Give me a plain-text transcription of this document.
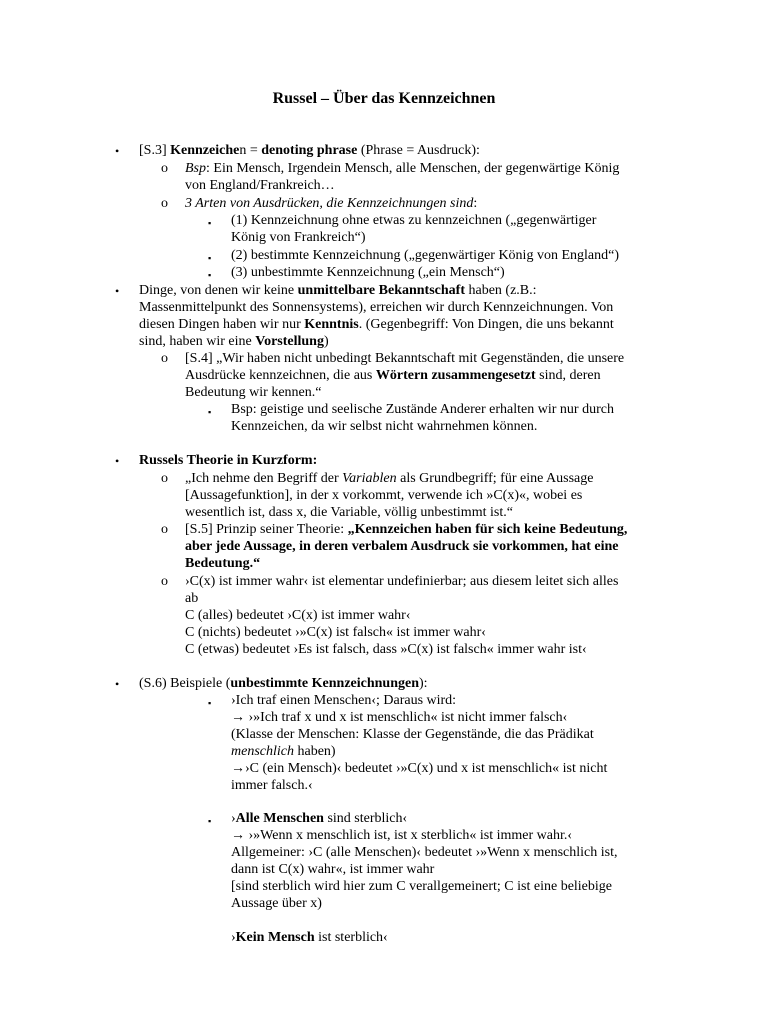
Russel – Über das Kennzeichnen
• [S.3] Kennzeichen = denoting phrase (Phrase = Ausdruck):
o Bsp: Ein Mensch, Irgendein Mensch, alle Menschen, der gegenwärtige König
von England/Frankreich…
o 3 Arten von Ausdrücken, die Kennzeichnungen sind:
▪ (1) Kennzeichnung ohne etwas zu kennzeichnen („gegenwärtiger
König von Frankreich“)
▪ (2) bestimmte Kennzeichnung („gegenwärtiger König von England“)
▪ (3) unbestimmte Kennzeichnung („ein Mensch“)
• Dinge, von denen wir keine unmittelbare Bekanntschaft haben (z.B.:
Massenmittelpunkt des Sonnensystems), erreichen wir durch Kennzeichnungen. Von
diesen Dingen haben wir nur Kenntnis. (Gegenbegriff: Von Dingen, die uns bekannt
sind, haben wir eine Vorstellung)
o [S.4] „Wir haben nicht unbedingt Bekanntschaft mit Gegenständen, die unsere
Ausdrücke kennzeichnen, die aus Wörtern zusammengesetzt sind, deren
Bedeutung wir kennen.“
▪ Bsp: geistige und seelische Zustände Anderer erhalten wir nur durch
Kennzeichen, da wir selbst nicht wahrnehmen können.
• Russels Theorie in Kurzform:
o „Ich nehme den Begriff der Variablen als Grundbegriff; für eine Aussage
[Aussagefunktion], in der x vorkommt, verwende ich »C(x)«, wobei es
wesentlich ist, dass x, die Variable, völlig unbestimmt ist.“
o [S.5] Prinzip seiner Theorie: „Kennzeichen haben für sich keine Bedeutung,
aber jede Aussage, in deren verbalem Ausdruck sie vorkommen, hat eine
Bedeutung.“
o ›C(x) ist immer wahr‹ ist elementar undefinierbar; aus diesem leitet sich alles
ab
C (alles) bedeutet ›C(x) ist immer wahr‹
C (nichts) bedeutet ›»C(x) ist falsch« ist immer wahr‹
C (etwas) bedeutet ›Es ist falsch, dass »C(x) ist falsch« immer wahr ist‹
• (S.6) Beispiele (unbestimmte Kennzeichnungen):
▪ ›Ich traf einen Menschen‹; Daraus wird:
→ ›»Ich traf x und x ist menschlich« ist nicht immer falsch‹
(Klasse der Menschen: Klasse der Gegenstände, die das Prädikat
menschlich haben)
→›C (ein Mensch)‹ bedeutet ›»C(x) und x ist menschlich« ist nicht
immer falsch.‹
▪ ›Alle Menschen sind sterblich‹
→ ›»Wenn x menschlich ist, ist x sterblich« ist immer wahr.‹
Allgemeiner: ›C (alle Menschen)‹ bedeutet ›»Wenn x menschlich ist,
dann ist C(x) wahr«, ist immer wahr
[sind sterblich wird hier zum C verallgemeinert; C ist eine beliebige
Aussage über x)
›Kein Mensch ist sterblich‹
